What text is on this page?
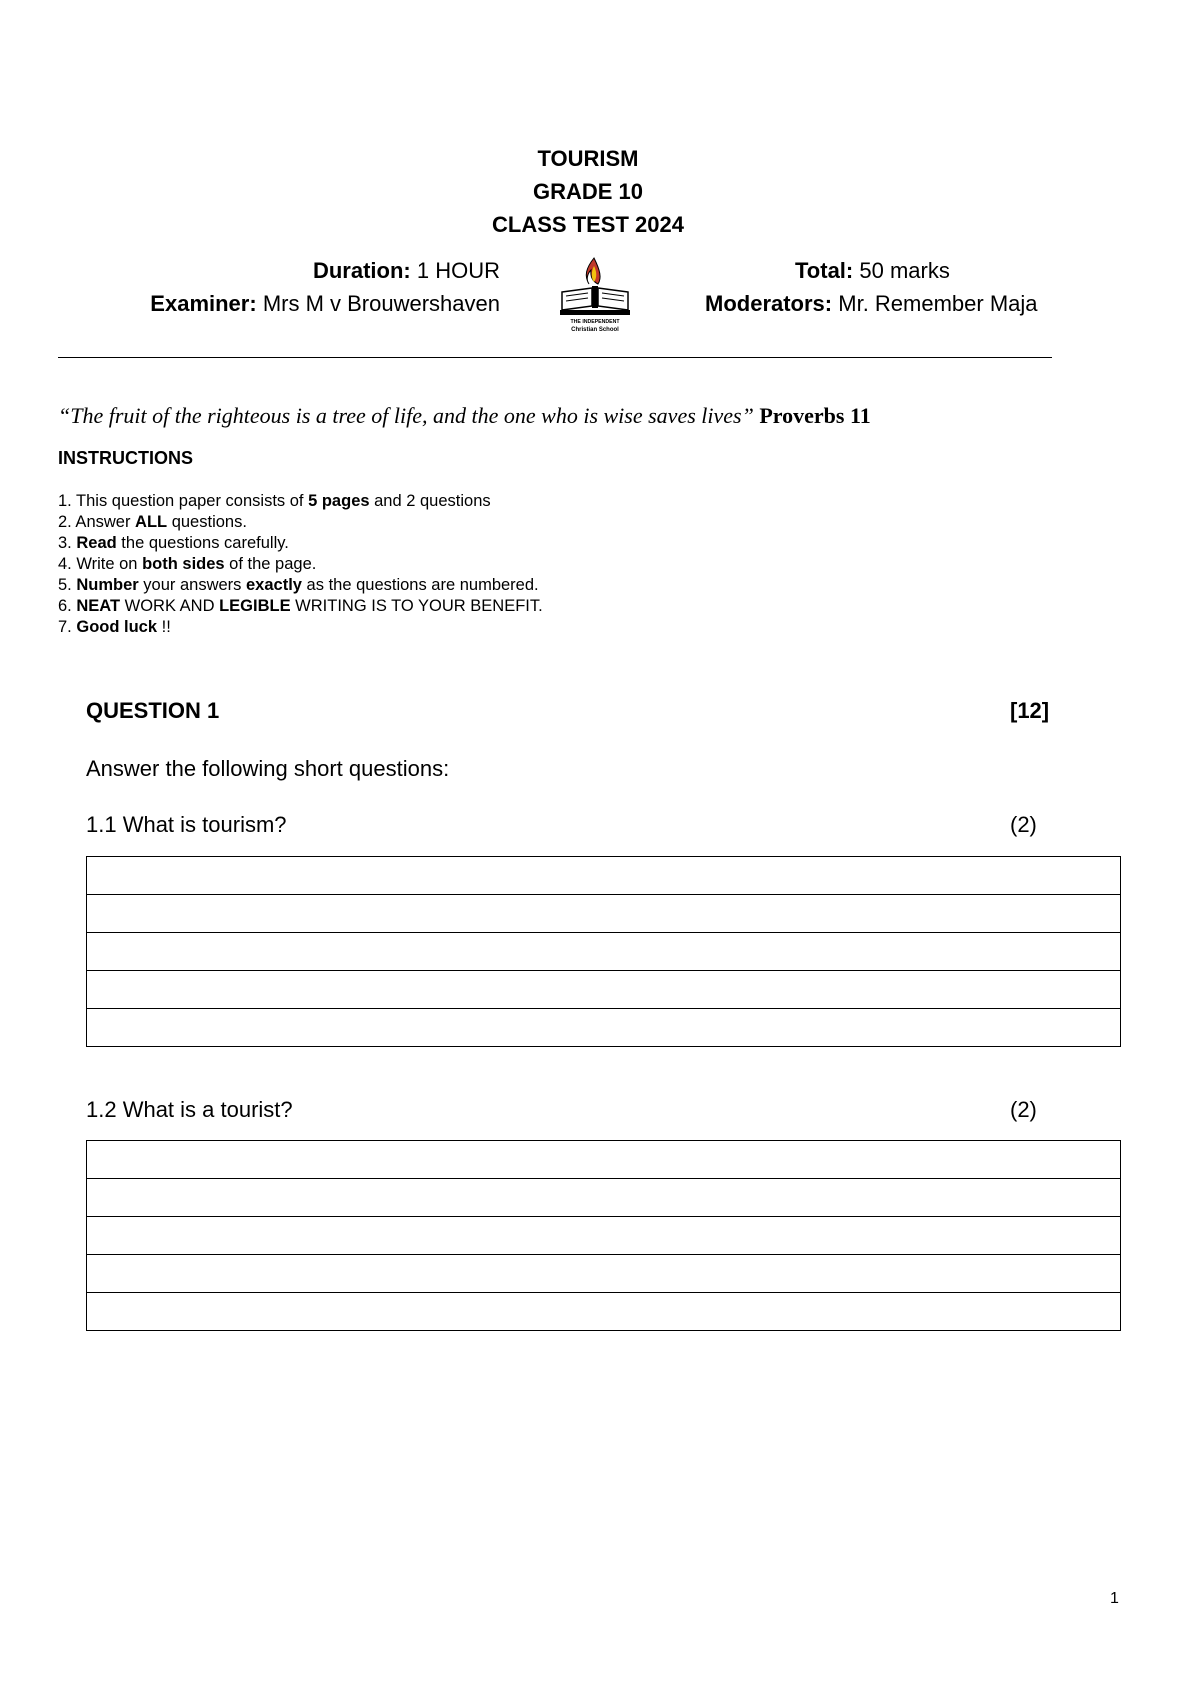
TOURISM
GRADE 10
CLASS TEST 2024
Duration: 1 HOUR
Examiner: Mrs M v Brouwershaven
THE INDEPENDENT
Christian School
Total: 50 marks
Moderators: Mr. Remember Maja
“The fruit of the righteous is a tree of life, and the one who is wise saves lives” Proverbs 11
INSTRUCTIONS
1. This question paper consists of 5 pages and 2 questions
2. Answer ALL questions.
3. Read the questions carefully.
4. Write on both sides of the page.
5. Number your answers exactly as the questions are numbered.
6. NEAT WORK AND LEGIBLE WRITING IS TO YOUR BENEFIT.
7. Good luck !!
QUESTION 1	[12]
Answer the following short questions:
1.1 What is tourism?	(2)

1.2 What is a tourist?	(2)

1
